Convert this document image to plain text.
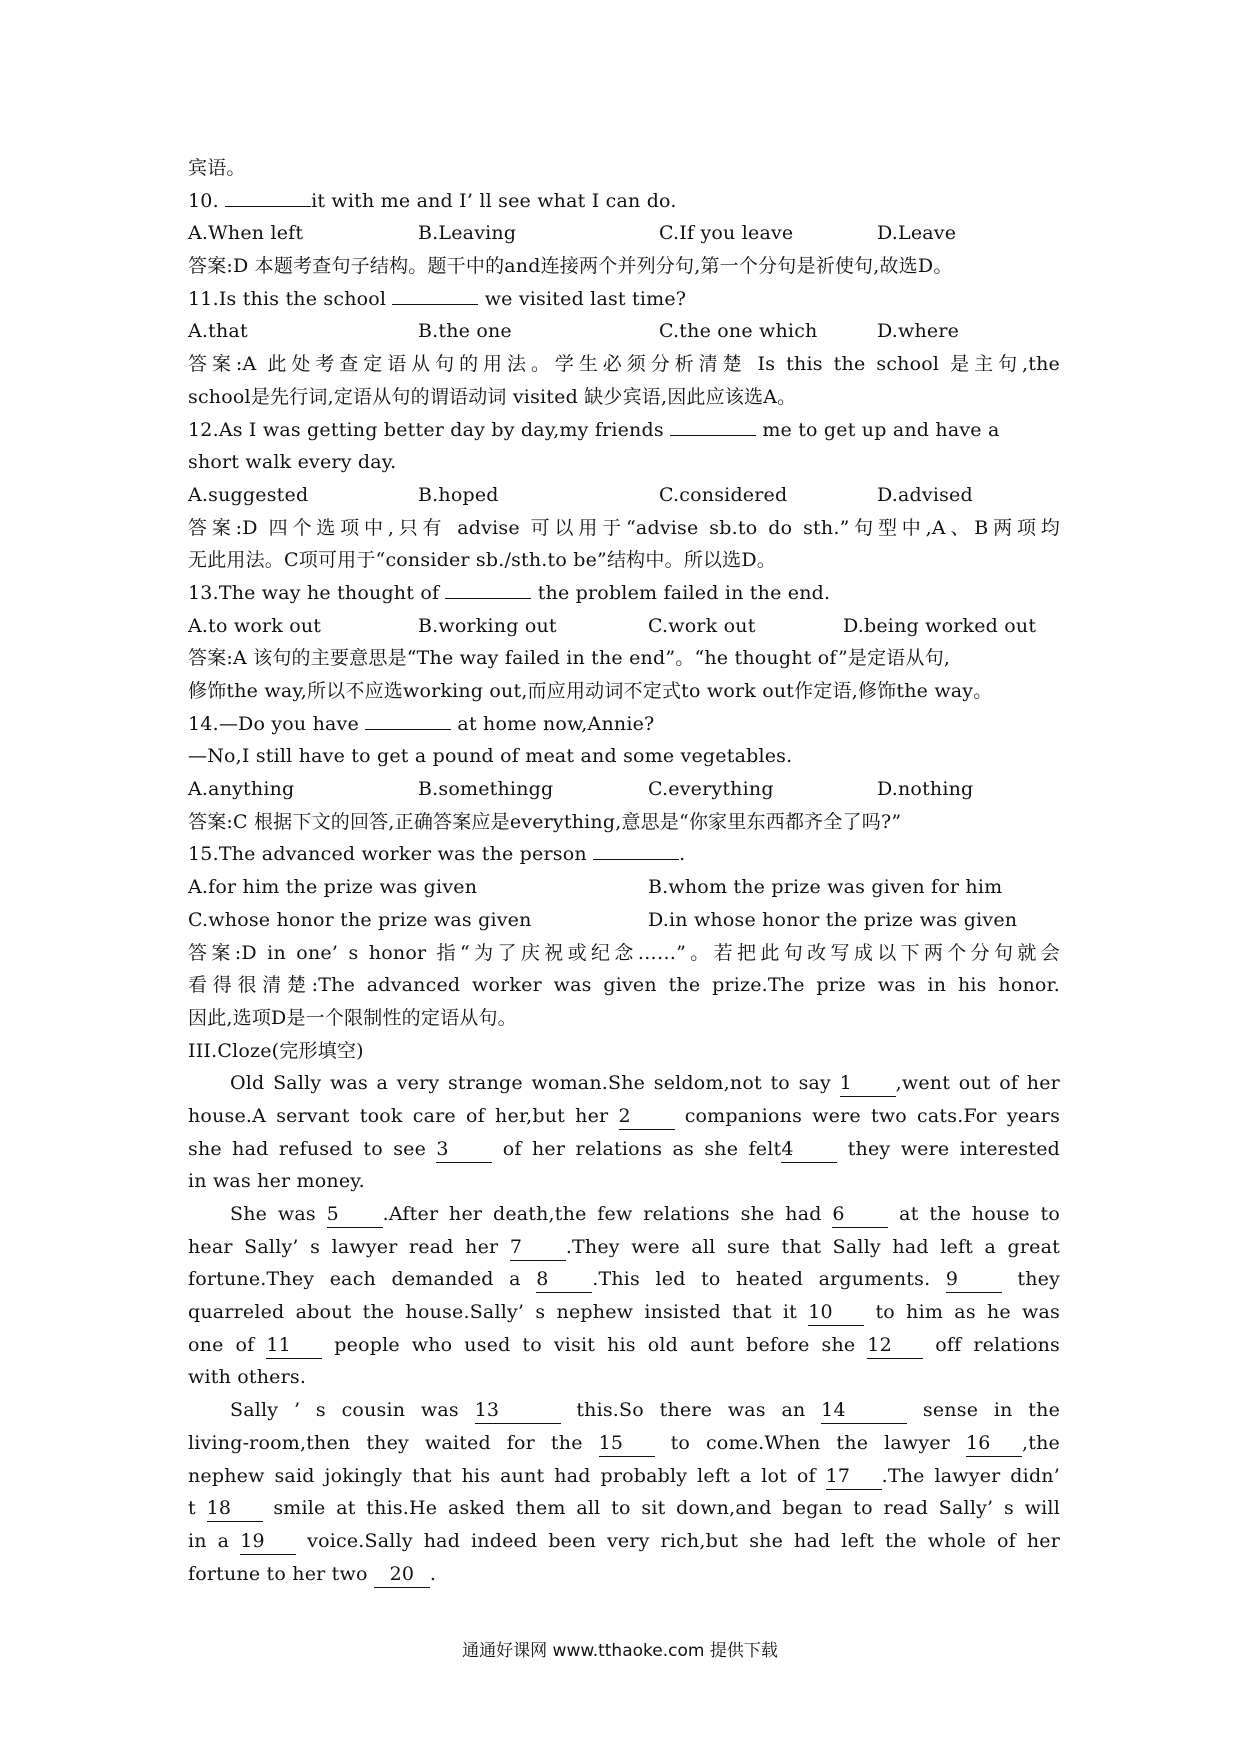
宾语。
10.	it with me and I’ ll see what I can do.
A.When left	B.Leaving	C.If you leave	D.Leave
答案:D 本题考查句子结构。题干中的and连接两个并列分句,第一个分句是祈使句,故选D。
11.Is this the school	we visited last time?
A.that	B.the one	C.the one which	D.where
答案:A 此处考查定语从句的用法。学生必须分析清楚 Is this the school 是主句,the
school是先行词,定语从句的谓语动词 visited 缺少宾语,因此应该选A。
12.As I was getting better day by day,my friends	me to get up and have a
short walk every day.
A.suggested	B.hoped	C.considered	D.advised
答案:D 四个选项中,只有 advise 可以用于“advise sb.to do sth.”句型中,A、B两项均
无此用法。C项可用于“consider sb./sth.to be”结构中。所以选D。
13.The way he thought of	the problem failed in the end.
A.to work out	B.working out	C.work out	D.being worked out
答案:A 该句的主要意思是“The way failed in the end”。“he thought of”是定语从句,
修饰the way,所以不应选working out,而应用动词不定式to work out作定语,修饰the way。
14.—Do you have	at home now,Annie?
—No,I still have to get a pound of meat and some vegetables.
A.anything	B.somethingg	C.everything	D.nothing
答案:C 根据下文的回答,正确答案应是everything,意思是“你家里东西都齐全了吗?”
15.The advanced worker was the person	.
A.for him the prize was given	B.whom the prize was given for him
C.whose honor the prize was given	D.in whose honor the prize was given
答案:D in one’ s honor 指“为了庆祝或纪念……”。若把此句改写成以下两个分句就会
看得很清楚:The advanced worker was given the prize.The prize was in his honor.
因此,选项D是一个限制性的定语从句。
III.Cloze(完形填空)
Old Sally was a very strange woman.She seldom,not to say 1 ,went out of her
house.A servant took care of her,but her 2	companions were two cats.For years
she had refused to see 3	of her relations as she felt4	they were interested
in was her money.
She was 5 .After her death,the few relations she had 6	at the house to
hear Sally’ s lawyer read her 7 .They were all sure that Sally had left a great
fortune.They each demanded a 8 .This led to heated arguments. 9	they
quarreled about the house.Sally’ s nephew insisted that it 10 to him as he was
one of 11 people who used to visit his old aunt before she 12 off relations
with others.
Sally ’ s cousin was 13	this.So there was an 14	sense in the
living-room,then they waited for the 15 to come.When the lawyer 16 ,the
nephew said jokingly that his aunt had probably left a lot of 17 .The lawyer didn’
t 18 smile at this.He asked them all to sit down,and began to read Sally’ s will
in a 19 voice.Sally had indeed been very rich,but she had left the whole of her
fortune to her two 20 .
通通好课网 www.tthaoke.com 提供下载
